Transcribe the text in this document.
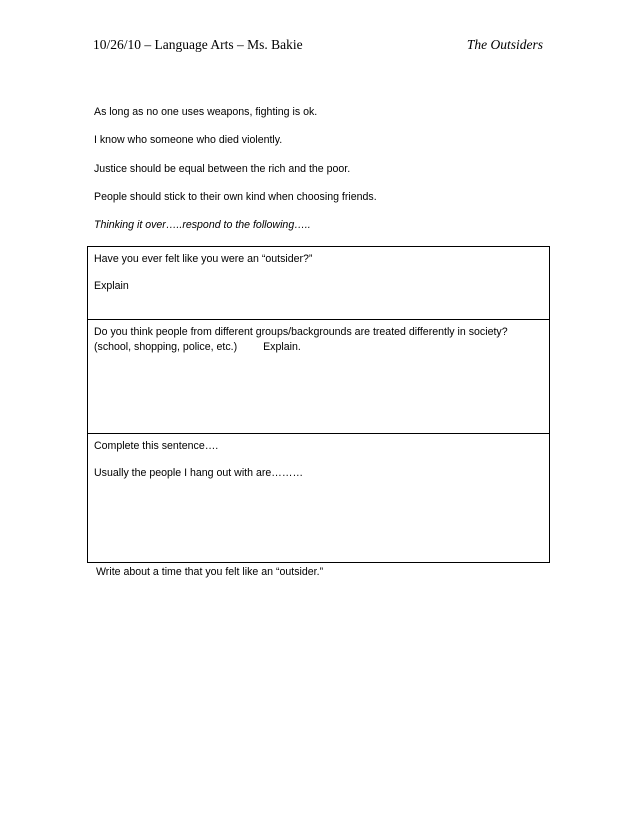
10/26/10 – Language Arts – Ms. Bakie	The Outsiders
As long as no one uses weapons, fighting is ok.
I know who someone who died violently.
Justice should be equal between the rich and the poor.
People should stick to their own kind when choosing friends.
Thinking it over…..respond to the following…..

Have you ever felt like you were an “outsider?”

Explain

Do you think people from different groups/backgrounds are treated differently in society?

(school, shopping, police, etc.) Explain.

Complete this sentence….

Usually the people I hang out with are………

Write about a time that you felt like an “outsider.”
